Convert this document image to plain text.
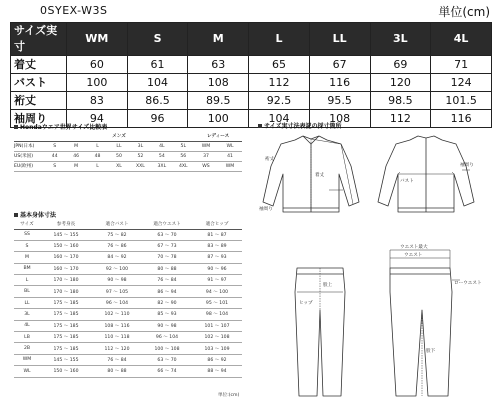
0SYEX-W3S	単位(cm)
サイズ実寸	WM	S	M	L	LL	3L	4L
着丈	60	61	63	65	67	69	71
バスト	100	104	108	112	116	120	124
裄丈	83	86.5	89.5	92.5	95.5	98.5	101.5
袖周り	94	96	100	104	108	112	116
Hondaウエア世界サイズ比較表
	メンズ							レディース	
JPN(日本)	S	M	L	LL	3L	4L	5L	WM	WL
US(米国)	44	46	48	50	52	54	56	37	41
EU(欧州)	S	M	L	XL	XXL	3XL	4XL	WS	WM
基本身体寸法
サイズ	参考身長	適合バスト	適合ウエスト	適合ヒップ
SS	145 〜 155	75 〜 82	63 〜 70	81 〜 87
S	150 〜 160	76 〜 86	67 〜 73	83 〜 89
M	160 〜 170	84 〜 92	70 〜 78	87 〜 93
BM	160 〜 170	92 〜 100	80 〜 88	90 〜 96
L	170 〜 180	90 〜 98	76 〜 84	91 〜 97
BL	170 〜 180	97 〜 105	86 〜 94	94 〜 100
LL	175 〜 185	96 〜 104	82 〜 90	95 〜 101
3L	175 〜 185	102 〜 110	85 〜 93	98 〜 104
4L	175 〜 185	108 〜 116	90 〜 98	101 〜 107
LB	175 〜 185	110 〜 118	96 〜 104	102 〜 108
2B	175 〜 185	112 〜 120	100 〜 108	103 〜 109
WM	145 〜 155	76 〜 84	63 〜 70	86 〜 92
WL	150 〜 160	80 〜 88	66 〜 74	88 〜 94
単位:(cm)
サイズ実寸法表記の採寸箇所
裄丈
着丈
袖周り
バスト
袖周り
股上
ヒップ
ウエスト最大
ウエスト
ローウエスト
股下
